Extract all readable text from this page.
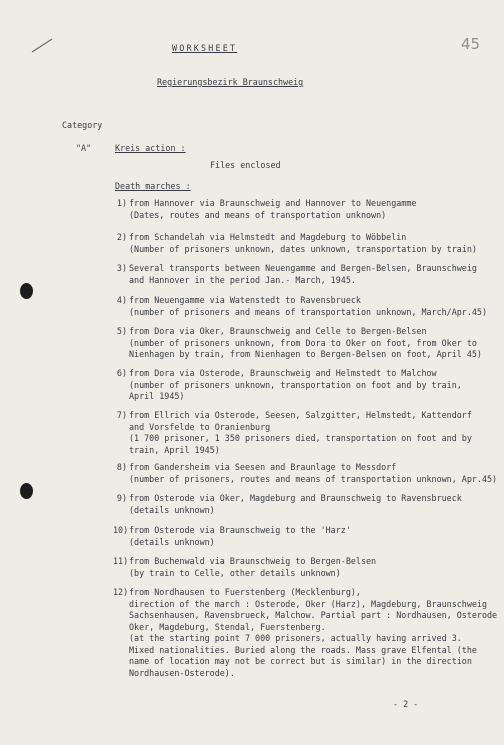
45
WORKSHEET
Regierungsbezirk Braunschweig
Category
"A"	Kreis action :
Files enclosed
Death marches :
1) from Hannover via Braunschweig and Hannover to Neuengamme
(Dates, routes and means of transportation unknown)
2) from Schandelah via Helmstedt and Magdeburg to Wöbbelin
(Number of prisoners unknown, dates unknown, transportation by train)
3) Several transports between Neuengamme and Bergen-Belsen, Braunschweig
and Hannover in the period Jan.- March, 1945.
4) from Neuengamme via Watenstedt to Ravensbrueck
(number of prisoners and means of transportation unknown, March/Apr.45)
5) from Dora via Oker, Braunschweig and Celle to Bergen-Belsen
(number of prisoners unknown, from Dora to Oker on foot, from Oker to
Nienhagen by train, from Nienhagen to Bergen-Belsen on foot, April 45)
6) from Dora via Osterode, Braunschweig and Helmstedt to Malchow
(number of prisoners unknown, transportation on foot and by train,
April 1945)
7) from Ellrich via Osterode, Seesen, Salzgitter, Helmstedt, Kattendorf
and Vorsfelde to Oranienburg
(1 700 prisoner, 1 350 prisoners died, transportation on foot and by
train, April 1945)
8) from Gandersheim via Seesen and Braunlage to Messdorf
(number of prisoners, routes and means of transportation unknown, Apr.45)
9) from Osterode via Oker, Magdeburg and Braunschweig to Ravensbrueck
(details unknown)
10) from Osterode via Braunschweig to the 'Harz'
(details unknown)
11) from Buchenwald via Braunschweig to Bergen-Belsen
(by train to Celle, other details unknown)
12) from Nordhausen to Fuerstenberg (Mecklenburg),
direction of the march : Osterode, Oker (Harz), Magdeburg, Braunschweig
Sachsenhausen, Ravensbrueck, Malchow. Partial part : Nordhausen, Osterode
Oker, Magdeburg, Stendal, Fuerstenberg.
(at the starting point 7 000 prisoners, actually having arrived 3.
Mixed nationalities. Buried along the roads. Mass grave Elfental (the
name of location may not be correct but is similar) in the direction
Nordhausen-Osterode).
- 2 -
